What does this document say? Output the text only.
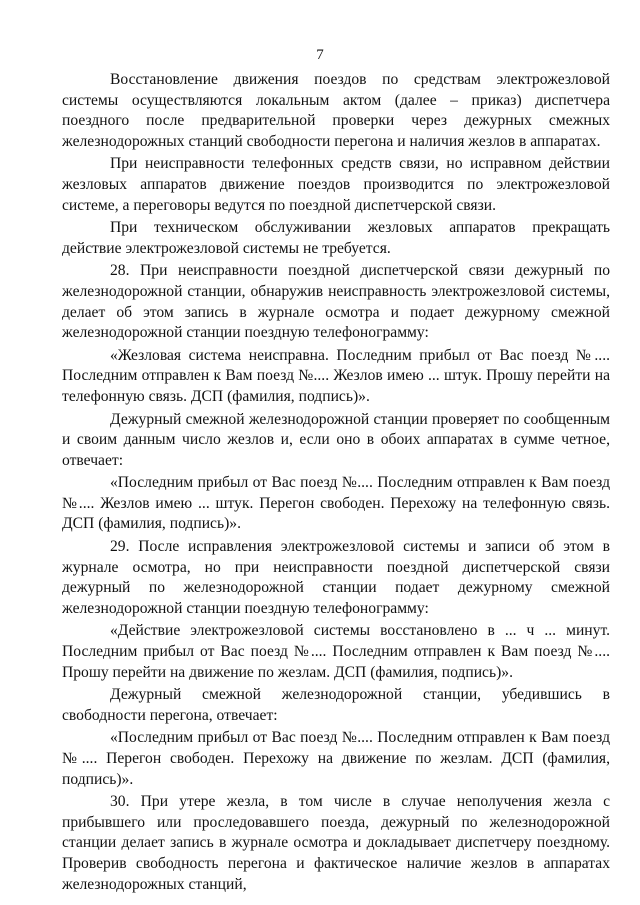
7

Восстановление движения поездов по средствам электрожезловой системы осуществляются локальным актом (далее – приказ) диспетчера поездного после предварительной проверки через дежурных смежных железнодорожных станций свободности перегона и наличия жезлов в аппаратах.

При неисправности телефонных средств связи, но исправном действии жезловых аппаратов движение поездов производится по электрожезловой системе, а переговоры ведутся по поездной диспетчерской связи.

При техническом обслуживании жезловых аппаратов прекращать действие электрожезловой системы не требуется.

28. При неисправности поездной диспетчерской связи дежурный по железнодорожной станции, обнаружив неисправность электрожезловой системы, делает об этом запись в журнале осмотра и подает дежурному смежной железнодорожной станции поездную телефонограмму:

«Жезловая система неисправна. Последним прибыл от Вас поезд №.... Последним отправлен к Вам поезд №.... Жезлов имею ... штук. Прошу перейти на телефонную связь. ДСП (фамилия, подпись)».

Дежурный смежной железнодорожной станции проверяет по сообщенным и своим данным число жезлов и, если оно в обоих аппаратах в сумме четное, отвечает:

«Последним прибыл от Вас поезд №.... Последним отправлен к Вам поезд №.... Жезлов имею ... штук. Перегон свободен. Перехожу на телефонную связь. ДСП (фамилия, подпись)».

29. После исправления электрожезловой системы и записи об этом в журнале осмотра, но при неисправности поездной диспетчерской связи дежурный по железнодорожной станции подает дежурному смежной железнодорожной станции поездную телефонограмму:

«Действие электрожезловой системы восстановлено в ... ч ... минут. Последним прибыл от Вас поезд №.... Последним отправлен к Вам поезд №.... Прошу перейти на движение по жезлам. ДСП (фамилия, подпись)».

Дежурный смежной железнодорожной станции, убедившись в свободности перегона, отвечает:

«Последним прибыл от Вас поезд №.... Последним отправлен к Вам поезд №.... Перегон свободен. Перехожу на движение по жезлам. ДСП (фамилия, подпись)».

30. При утере жезла, в том числе в случае неполучения жезла с прибывшего или проследовавшего поезда, дежурный по железнодорожной станции делает запись в журнале осмотра и докладывает диспетчеру поездному. Проверив свободность перегона и фактическое наличие жезлов в аппаратах железнодорожных станций,
